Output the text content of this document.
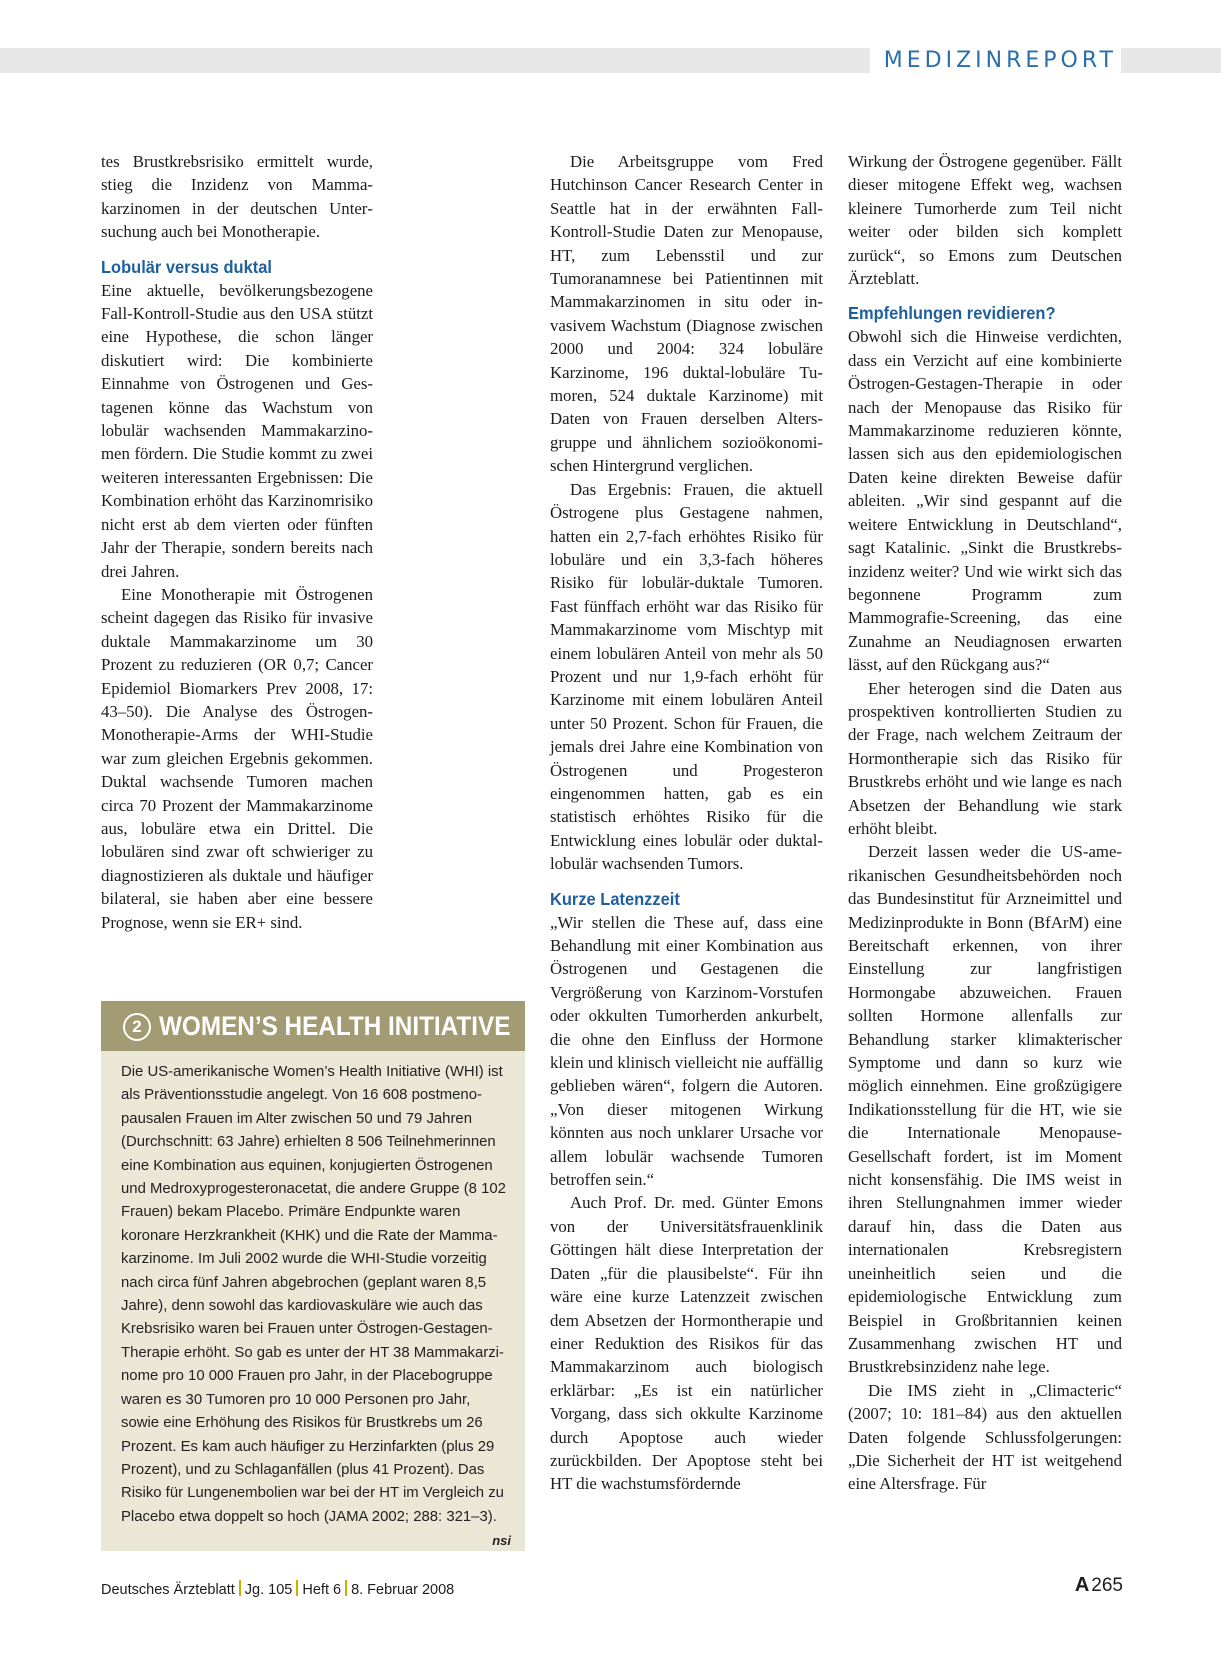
MEDIZINREPORT

tes Brustkrebsrisiko ermittelt wurde, stieg die Inzidenz von Mammakarzinomen in der deutschen Untersuchung auch bei Monotherapie.

Lobulär versus duktal

Eine aktuelle, bevölkerungsbezogene Fall-Kontroll-Studie aus den USA stützt eine Hypothese, die schon länger diskutiert wird: Die kombinierte Einnahme von Östrogenen und Gestagenen könne das Wachstum von lobulär wachsenden Mammakarzinomen fördern. Die Studie kommt zu zwei weiteren interessanten Ergebnissen: Die Kombination erhöht das Karzinomrisiko nicht erst ab dem vierten oder fünften Jahr der Therapie, sondern bereits nach drei Jahren.

Eine Monotherapie mit Östrogenen scheint dagegen das Risiko für invasive duktale Mammakarzinome um 30 Prozent zu reduzieren (OR 0,7; Cancer Epidemiol Biomarkers Prev 2008, 17: 43–50). Die Analyse des Östrogen-Monotherapie-Arms der WHI-Studie war zum gleichen Ergebnis gekommen. Duktal wachsende Tumoren machen circa 70 Prozent der Mammakarzinome aus, lobuläre etwa ein Drittel. Die lobulären sind zwar oft schwieriger zu diagnostizieren als duktale und häufiger bilateral, sie haben aber eine bessere Prognose, wenn sie ER+ sind.

2 WOMEN’S HEALTH INITIATIVE
Die US-amerikanische Women’s Health Initiative (WHI) ist als Präventionsstudie angelegt. Von 16 608 postmenopausalen Frauen im Alter zwischen 50 und 79 Jahren (Durchschnitt: 63 Jahre) erhielten 8 506 Teilnehmerinnen eine Kombination aus equinen, konjugierten Östrogenen und Medroxyprogesteronacetat, die andere Gruppe (8 102 Frauen) bekam Placebo. Primäre Endpunkte waren koronare Herzkrankheit (KHK) und die Rate der Mammakarzinome. Im Juli 2002 wurde die WHI-Studie vorzeitig nach circa fünf Jahren abgebrochen (geplant waren 8,5 Jahre), denn sowohl das kardiovaskuläre wie auch das Krebsrisiko waren bei Frauen unter Östrogen-Gestagen-Therapie erhöht. So gab es unter der HT 38 Mammakarzinome pro 10 000 Frauen pro Jahr, in der Placebogruppe waren es 30 Tumoren pro 10 000 Personen pro Jahr, sowie eine Erhöhung des Risikos für Brustkrebs um 26 Prozent. Es kam auch häufiger zu Herzinfarkten (plus 29 Prozent), und zu Schlaganfällen (plus 41 Prozent). Das Risiko für Lungenembolien war bei der HT im Vergleich zu Placebo etwa doppelt so hoch (JAMA 2002; 288: 321–3).
nsi

Die Arbeitsgruppe vom Fred Hutchinson Cancer Research Center in Seattle hat in der erwähnten Fall-Kontroll-Studie Daten zur Menopause, HT, zum Lebensstil und zur Tumoranamnese bei Patientinnen mit Mammakarzinomen in situ oder invasivem Wachstum (Diagnose zwischen 2000 und 2004: 324 lobuläre Karzinome, 196 duktal-lobuläre Tumoren, 524 duktale Karzinome) mit Daten von Frauen derselben Altersgruppe und ähnlichem sozioökonomischen Hintergrund verglichen.

Das Ergebnis: Frauen, die aktuell Östrogene plus Gestagene nahmen, hatten ein 2,7-fach erhöhtes Risiko für lobuläre und ein 3,3-fach höheres Risiko für lobulär-duktale Tumoren. Fast fünffach erhöht war das Risiko für Mammakarzinome vom Mischtyp mit einem lobulären Anteil von mehr als 50 Prozent und nur 1,9-fach erhöht für Karzinome mit einem lobulären Anteil unter 50 Prozent. Schon für Frauen, die jemals drei Jahre eine Kombination von Östrogenen und Progesteron eingenommen hatten, gab es ein statistisch erhöhtes Risiko für die Entwicklung eines lobulär oder duktal-lobulär wachsenden Tumors.

Kurze Latenzzeit

„Wir stellen die These auf, dass eine Behandlung mit einer Kombination aus Östrogenen und Gestagenen die Vergrößerung von Karzinom-Vorstufen oder okkulten Tumorherden ankurbelt, die ohne den Einfluss der Hormone klein und klinisch vielleicht nie auffällig geblieben wären“, folgern die Autoren. „Von dieser mitogenen Wirkung könnten aus noch unklarer Ursache vor allem lobulär wachsende Tumoren betroffen sein.“

Auch Prof. Dr. med. Günter Emons von der Universitätsfrauenklinik Göttingen hält diese Interpretation der Daten „für die plausibelste“. Für ihn wäre eine kurze Latenzzeit zwischen dem Absetzen der Hormontherapie und einer Reduktion des Risikos für das Mammakarzinom auch biologisch erklärbar: „Es ist ein natürlicher Vorgang, dass sich okkulte Karzinome durch Apoptose auch wieder zurückbilden. Der Apoptose steht bei HT die wachstumsfördernde

Wirkung der Östrogene gegenüber. Fällt dieser mitogene Effekt weg, wachsen kleinere Tumorherde zum Teil nicht weiter oder bilden sich komplett zurück“, so Emons zum Deutschen Ärzteblatt.

Empfehlungen revidieren?

Obwohl sich die Hinweise verdichten, dass ein Verzicht auf eine kombinierte Östrogen-Gestagen-Therapie in oder nach der Menopause das Risiko für Mammakarzinome reduzieren könnte, lassen sich aus den epidemiologischen Daten keine direkten Beweise dafür ableiten. „Wir sind gespannt auf die weitere Entwicklung in Deutschland“, sagt Katalinic. „Sinkt die Brustkrebsinzidenz weiter? Und wie wirkt sich das begonnene Programm zum Mammografie-Screening, das eine Zunahme an Neudiagnosen erwarten lässt, auf den Rückgang aus?“

Eher heterogen sind die Daten aus prospektiven kontrollierten Studien zu der Frage, nach welchem Zeitraum der Hormontherapie sich das Risiko für Brustkrebs erhöht und wie lange es nach Absetzen der Behandlung wie stark erhöht bleibt.

Derzeit lassen weder die US-amerikanischen Gesundheitsbehörden noch das Bundesinstitut für Arzneimittel und Medizinprodukte in Bonn (BfArM) eine Bereitschaft erkennen, von ihrer Einstellung zur langfristigen Hormongabe abzuweichen. Frauen sollten Hormone allenfalls zur Behandlung starker klimakterischer Symptome und dann so kurz wie möglich einnehmen. Eine großzügigere Indikationsstellung für die HT, wie sie die Internationale Menopause-Gesellschaft fordert, ist im Moment nicht konsensfähig. Die IMS weist in ihren Stellungnahmen immer wieder darauf hin, dass die Daten aus internationalen Krebsregistern uneinheitlich seien und die epidemiologische Entwicklung zum Beispiel in Großbritannien keinen Zusammenhang zwischen HT und Brustkrebsinzidenz nahe lege.

Die IMS zieht in „Climacteric“ (2007; 10: 181–84) aus den aktuellen Daten folgende Schlussfolgerungen: „Die Sicherheit der HT ist weitgehend eine Altersfrage. Für

Deutsches Ärzteblatt Jg. 105 Heft 6 8. Februar 2008	A 265
